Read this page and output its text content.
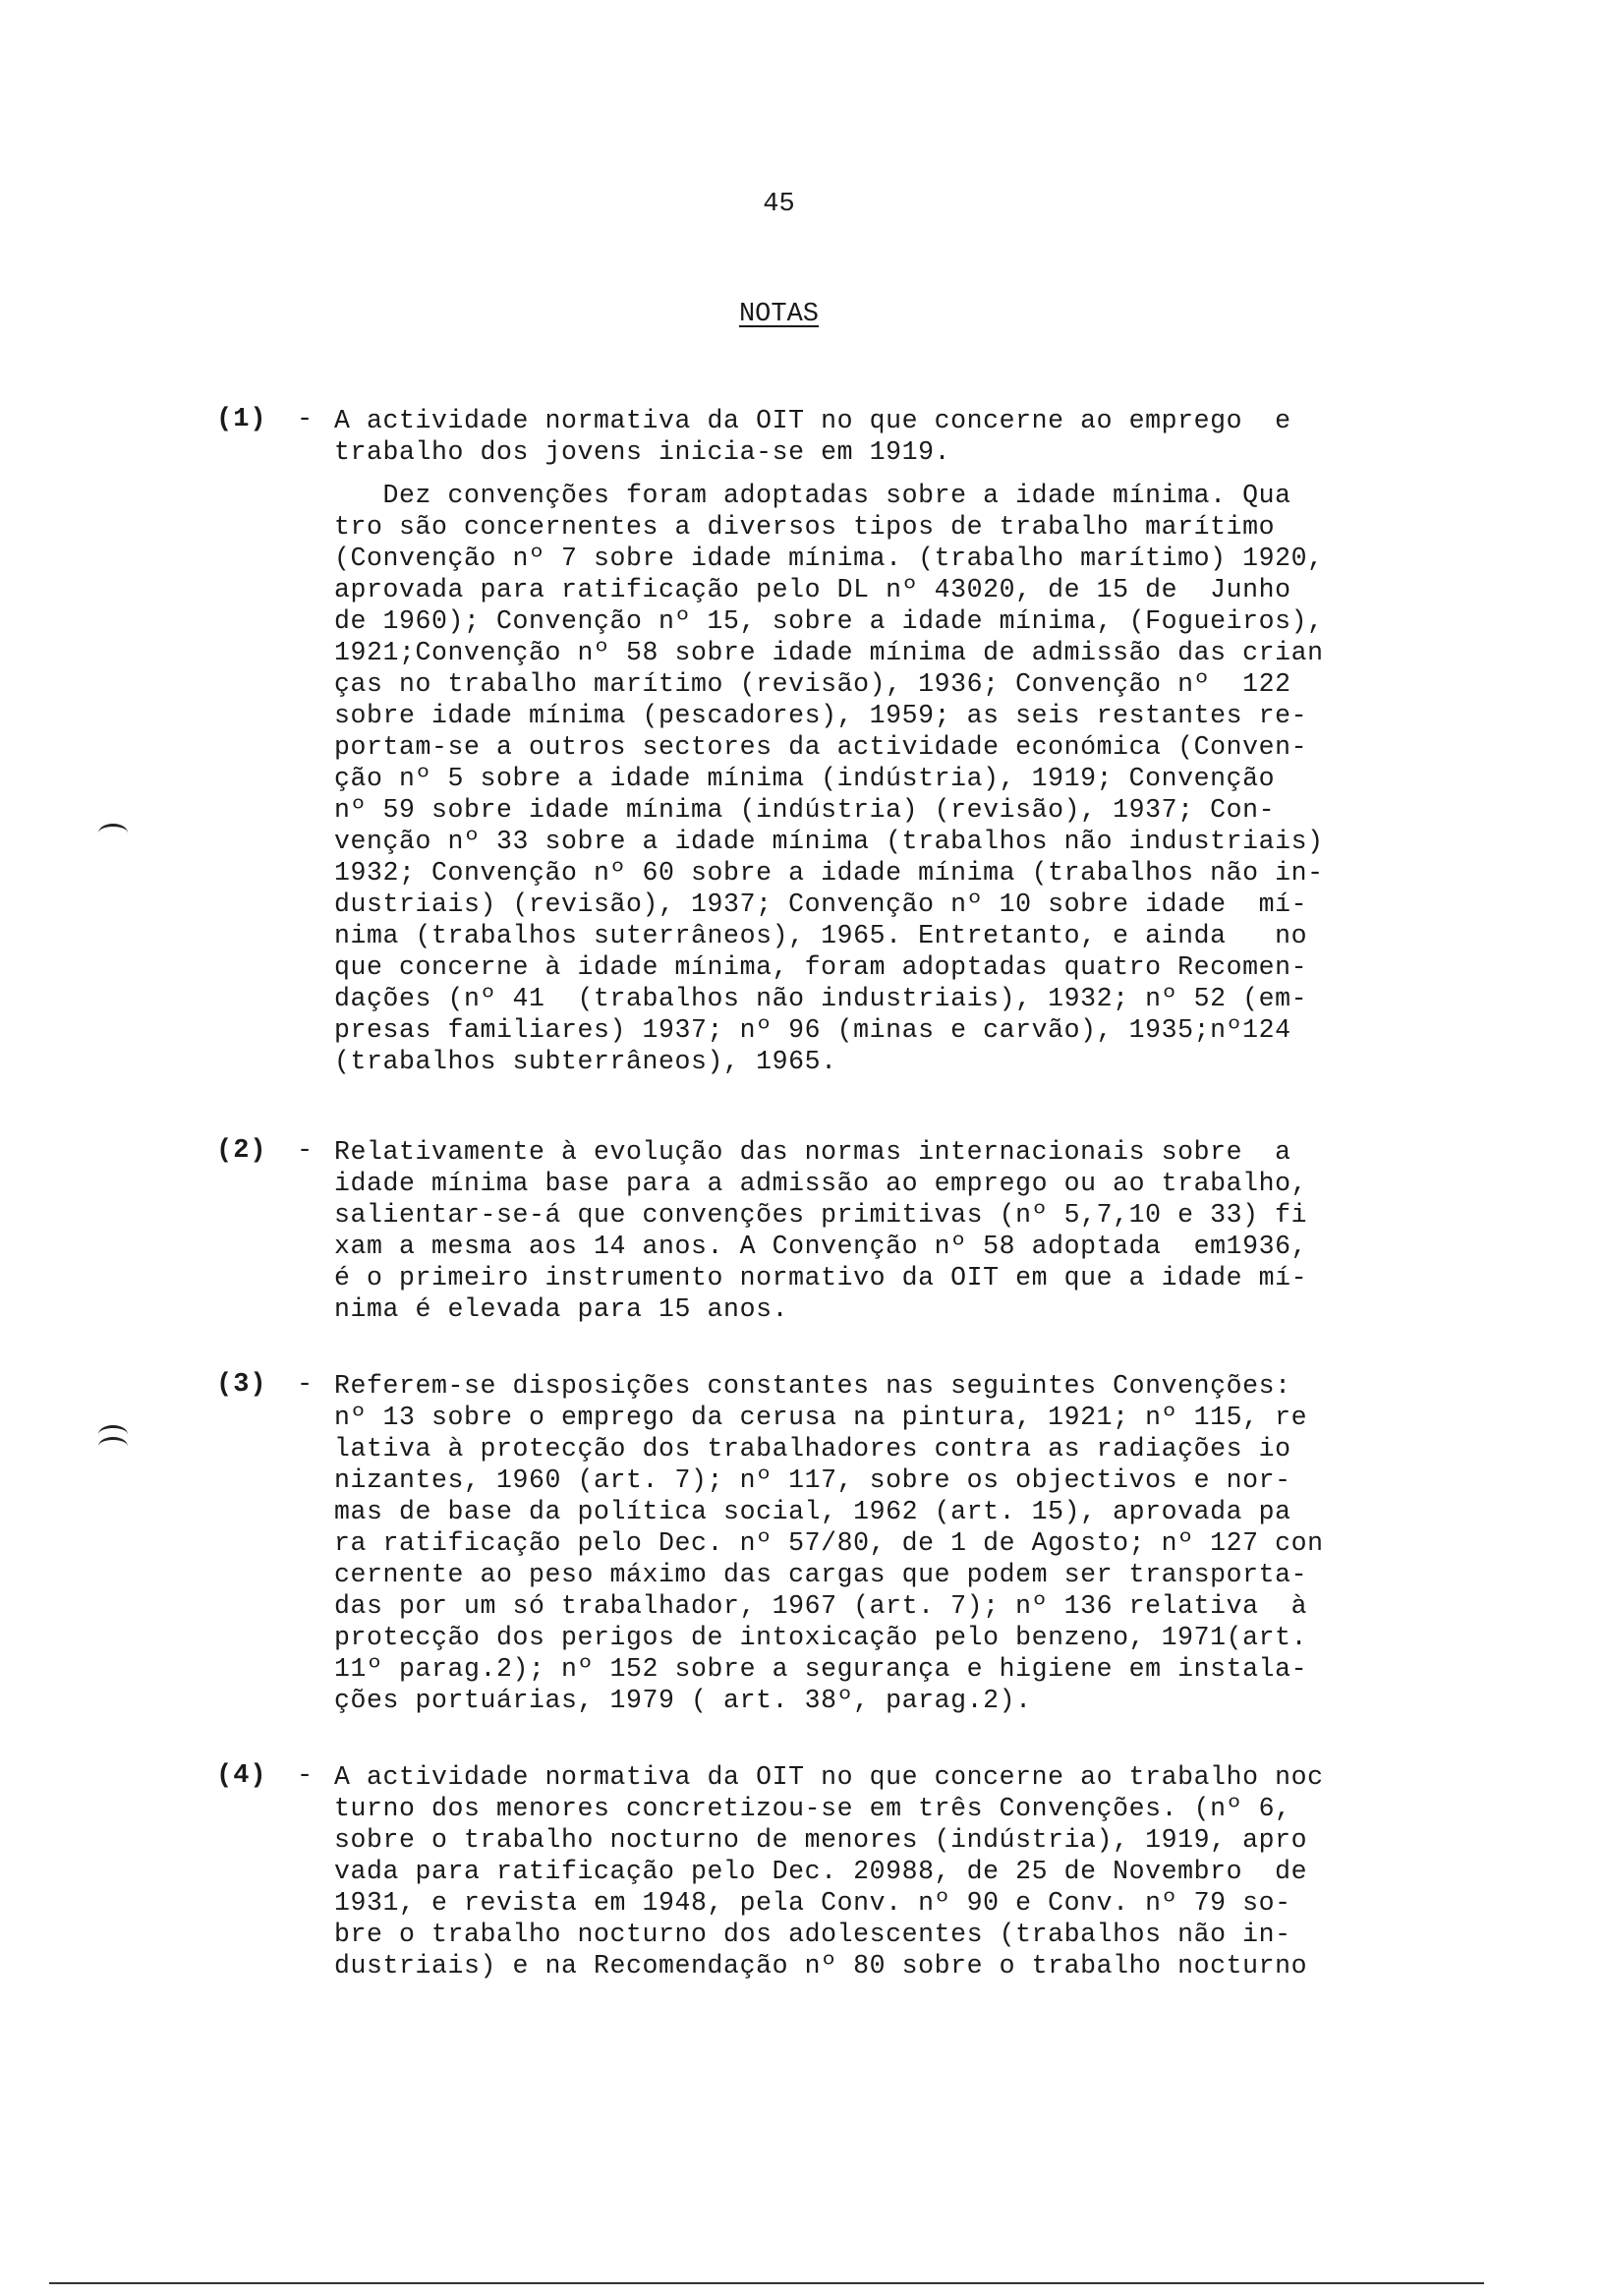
45
NOTAS
(1) - A actividade normativa da OIT no que concerne ao emprego  e
trabalho dos jovens inicia-se em 1919.
Dez convenções foram adoptadas sobre a idade mínima. Qua
tro são concernentes a diversos tipos de trabalho marítimo
(Convenção nº 7 sobre idade mínima. (trabalho marítimo) 1920,
aprovada para ratificação pelo DL nº 43020, de 15 de  Junho
de 1960); Convenção nº 15, sobre a idade mínima, (Fogueiros),
1921;Convenção nº 58 sobre idade mínima de admissão das crian
ças no trabalho marítimo (revisão), 1936; Convenção nº  122
sobre idade mínima (pescadores), 1959; as seis restantes re-
portam-se a outros sectores da actividade económica (Conven-
ção nº 5 sobre a idade mínima (indústria), 1919; Convenção
nº 59 sobre idade mínima (indústria) (revisão), 1937; Con-
venção nº 33 sobre a idade mínima (trabalhos não industriais)
1932; Convenção nº 60 sobre a idade mínima (trabalhos não in-
dustriais) (revisão), 1937; Convenção nº 10 sobre idade  mí-
nima (trabalhos suterrâneos), 1965. Entretanto, e ainda   no
que concerne à idade mínima, foram adoptadas quatro Recomen-
dações (nº 41  (trabalhos não industriais), 1932; nº 52 (em-
presas familiares) 1937; nº 96 (minas e carvão), 1935;nº124
(trabalhos subterrâneos), 1965.
(2) - Relativamente à evolução das normas internacionais sobre  a
idade mínima base para a admissão ao emprego ou ao trabalho,
salientar-se-á que convenções primitivas (nº 5,7,10 e 33) fi
xam a mesma aos 14 anos. A Convenção nº 58 adoptada  em1936,
é o primeiro instrumento normativo da OIT em que a idade mí-
nima é elevada para 15 anos.
(3) - Referem-se disposições constantes nas seguintes Convenções:
nº 13 sobre o emprego da cerusa na pintura, 1921; nº 115, re
lativa à protecção dos trabalhadores contra as radiações io
nizantes, 1960 (art. 7); nº 117, sobre os objectivos e nor-
mas de base da política social, 1962 (art. 15), aprovada pa
ra ratificação pelo Dec. nº 57/80, de 1 de Agosto; nº 127 con
cernente ao peso máximo das cargas que podem ser transporta-
das por um só trabalhador, 1967 (art. 7); nº 136 relativa  à
protecção dos perigos de intoxicação pelo benzeno, 1971(art.
11º parag.2); nº 152 sobre a segurança e higiene em instala-
ções portuárias, 1979 ( art. 38º, parag.2).
(4) - A actividade normativa da OIT no que concerne ao trabalho noc
turno dos menores concretizou-se em três Convenções. (nº 6,
sobre o trabalho nocturno de menores (indústria), 1919, apro
vada para ratificação pelo Dec. 20988, de 25 de Novembro  de
1931, e revista em 1948, pela Conv. nº 90 e Conv. nº 79 so-
bre o trabalho nocturno dos adolescentes (trabalhos não in-
dustriais) e na Recomendação nº 80 sobre o trabalho nocturno
